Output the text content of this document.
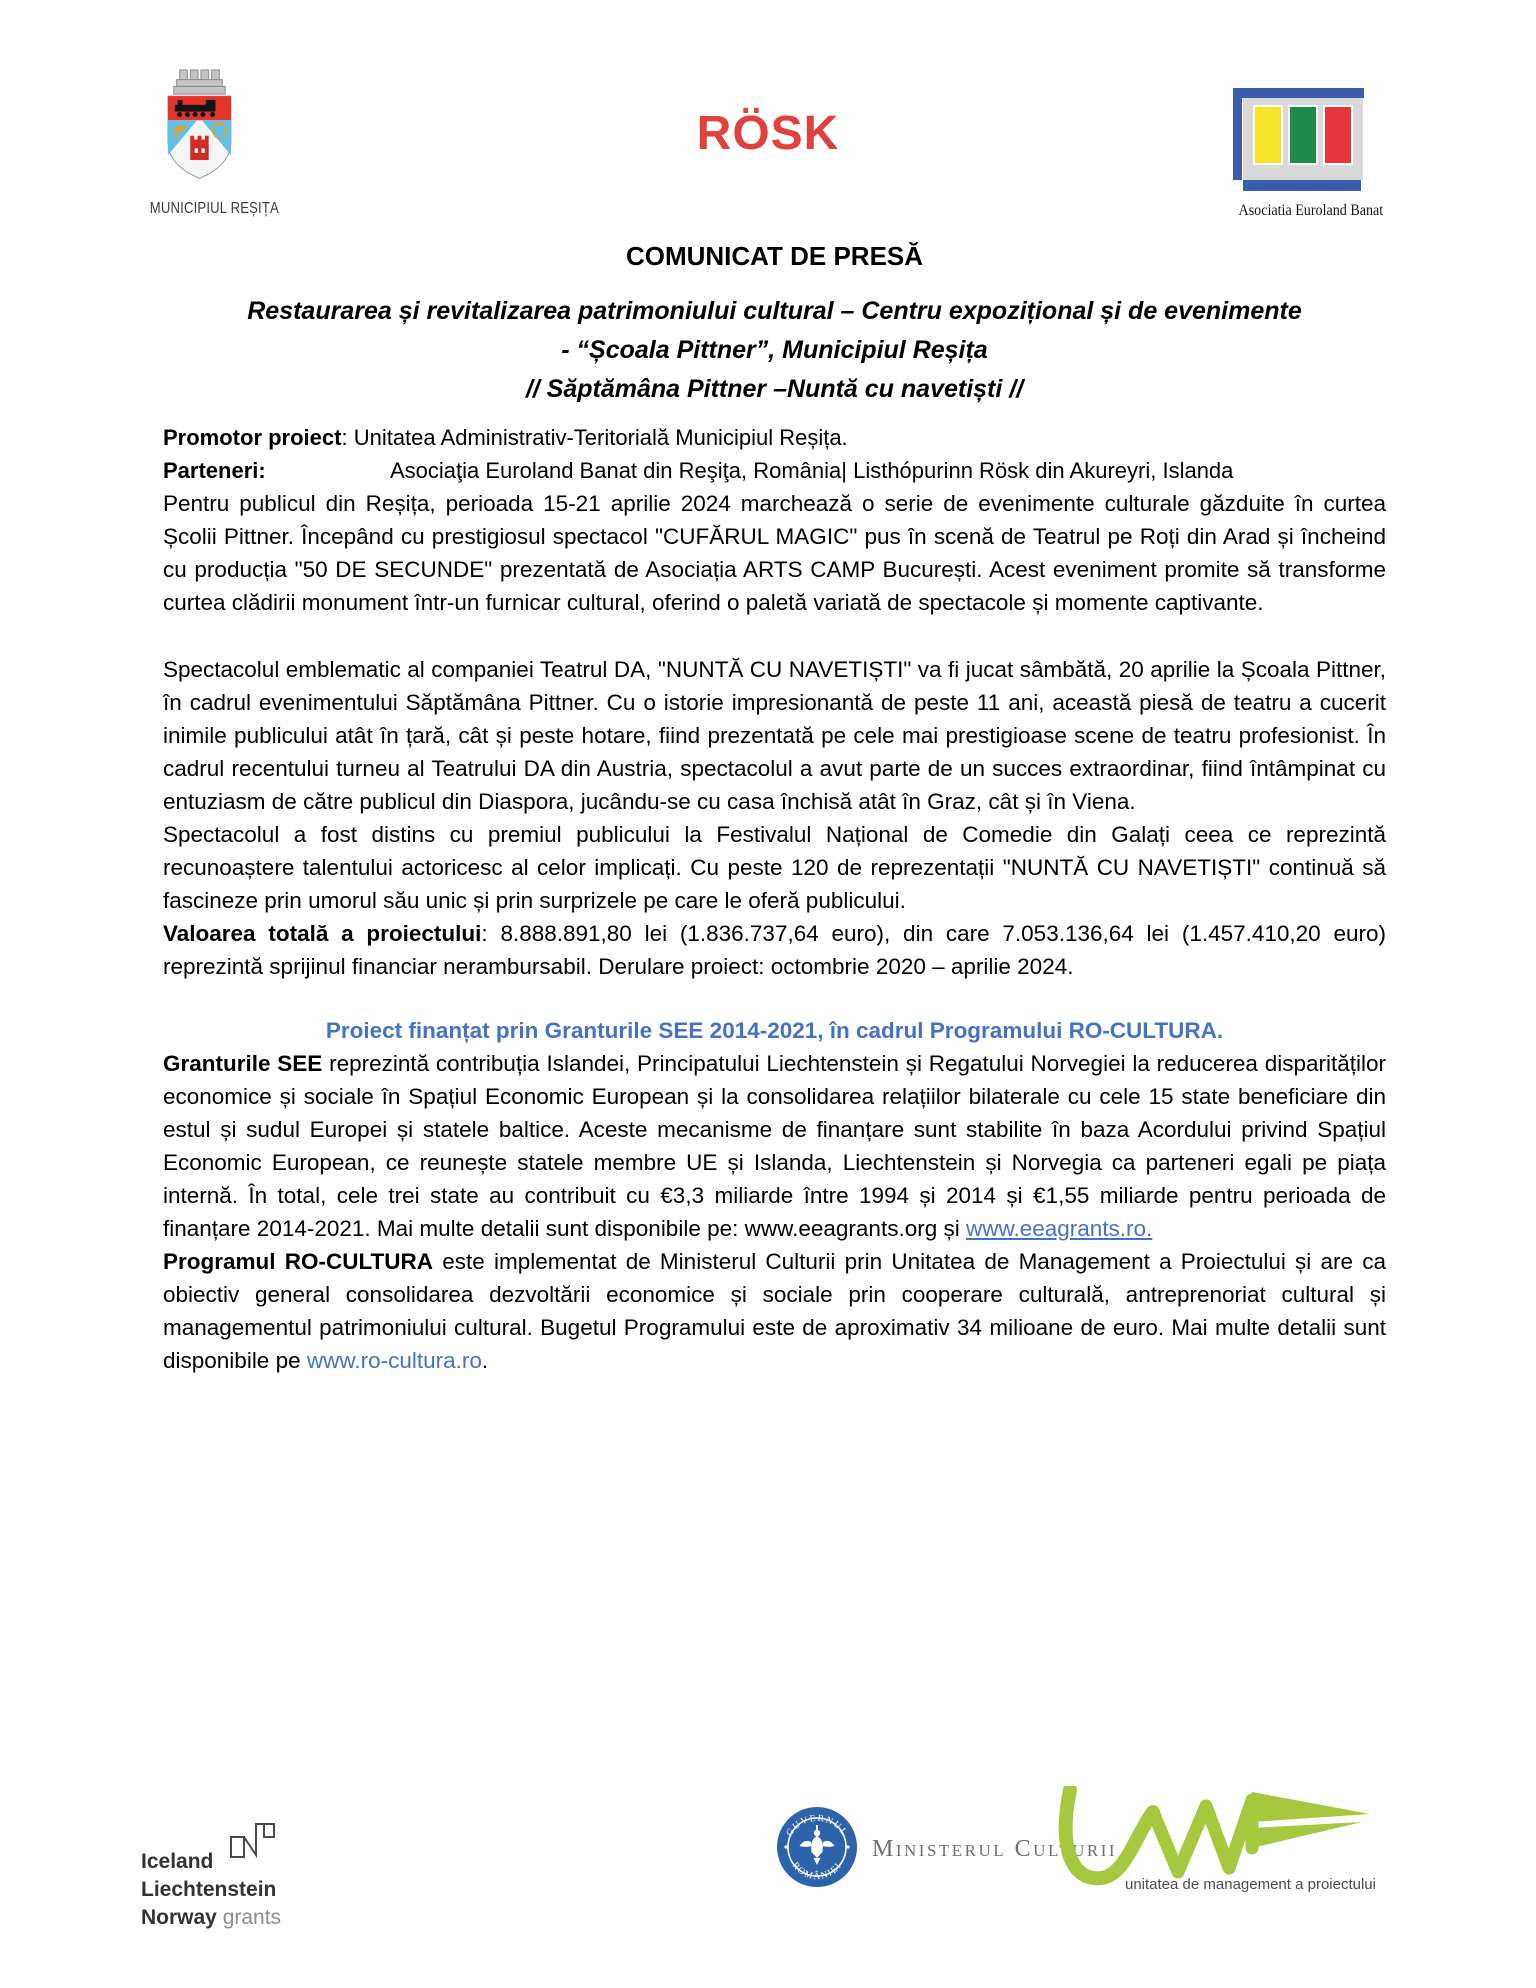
MUNICIPIUL REȘIȚA
RÖSK
Asociatia Euroland Banat
COMUNICAT DE PRESĂ
Restaurarea și revitalizarea patrimoniului cultural – Centru expozițional și de evenimente
- “Școala Pittner”, Municipiul Reșița
// Săptămâna Pittner –Nuntă cu navetiști //
Promotor proiect: Unitatea Administrativ-Teritorială Municipiul Reșița.
Parteneri:	Asociaţia Euroland Banat din Reşiţa, România| Listhópurinn Rösk din Akureyri, Islanda

Pentru publicul din Reșița, perioada 15-21 aprilie 2024 marchează o serie de evenimente culturale găzduite în curtea Școlii Pittner. Începând cu prestigiosul spectacol "CUFĂRUL MAGIC" pus în scenă de Teatrul pe Roți din Arad și încheind cu producția "50 DE SECUNDE" prezentată de Asociația ARTS CAMP București. Acest eveniment promite să transforme curtea clădirii monument într-un furnicar cultural, oferind o paletă variată de spectacole și momente captivante.

Spectacolul emblematic al companiei Teatrul DA, "NUNTĂ CU NAVETIȘTI" va fi jucat sâmbătă, 20 aprilie la Școala Pittner, în cadrul evenimentului Săptămâna Pittner. Cu o istorie impresionantă de peste 11 ani, această piesă de teatru a cucerit inimile publicului atât în țară, cât și peste hotare, fiind prezentată pe cele mai prestigioase scene de teatru profesionist. În cadrul recentului turneu al Teatrului DA din Austria, spectacolul a avut parte de un succes extraordinar, fiind întâmpinat cu entuziasm de către publicul din Diaspora, jucându-se cu casa închisă atât în Graz, cât și în Viena.

Spectacolul a fost distins cu premiul publicului la Festivalul Național de Comedie din Galați ceea ce reprezintă recunoaștere talentului actoricesc al celor implicați. Cu peste 120 de reprezentații "NUNTĂ CU NAVETIȘTI" continuă să fascineze prin umorul său unic și prin surprizele pe care le oferă publicului.

Valoarea totală a proiectului: 8.888.891,80 lei (1.836.737,64 euro), din care 7.053.136,64 lei (1.457.410,20 euro) reprezintă sprijinul financiar nerambursabil. Derulare proiect: octombrie 2020 – aprilie 2024.

Proiect finanțat prin Granturile SEE 2014-2021, în cadrul Programului RO-CULTURA.

Granturile SEE reprezintă contribuția Islandei, Principatului Liechtenstein și Regatului Norvegiei la reducerea disparităților economice și sociale în Spațiul Economic European și la consolidarea relațiilor bilaterale cu cele 15 state beneficiare din estul și sudul Europei și statele baltice. Aceste mecanisme de finanțare sunt stabilite în baza Acordului privind Spațiul Economic European, ce reunește statele membre UE și Islanda, Liechtenstein și Norvegia ca parteneri egali pe piața internă. În total, cele trei state au contribuit cu €3,3 miliarde între 1994 și 2014 și €1,55 miliarde pentru perioada de finanțare 2014-2021. Mai multe detalii sunt disponibile pe: www.eeagrants.org și www.eeagrants.ro.

Programul RO-CULTURA este implementat de Ministerul Culturii prin Unitatea de Management a Proiectului și are ca obiectiv general consolidarea dezvoltării economice și sociale prin cooperare culturală, antreprenoriat cultural și managementul patrimoniului cultural. Bugetul Programului este de aproximativ 34 milioane de euro. Mai multe detalii sunt disponibile pe www.ro-cultura.ro.

Iceland
Liechtenstein
Norway grants
GUVERNUL
ROMÂNIEI
Ministerul Culturii
unitatea de management a proiectului
